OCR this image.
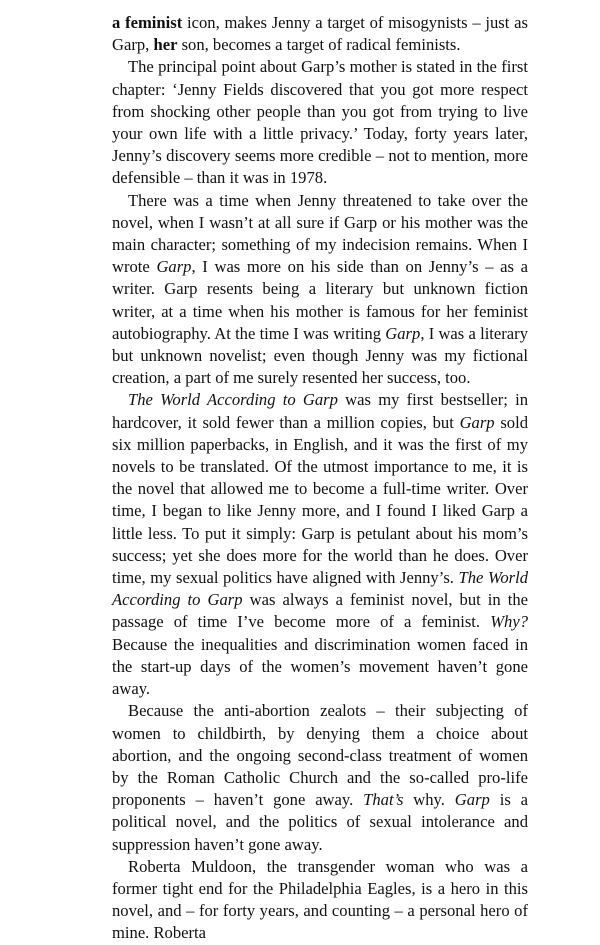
a feminist icon, makes Jenny a target of misogynists – just as Garp, her son, becomes a target of radical feminists.

The principal point about Garp’s mother is stated in the first chapter: ‘Jenny Fields discovered that you got more respect from shocking other people than you got from trying to live your own life with a little privacy.’ Today, forty years later, Jenny’s discovery seems more credible – not to mention, more defensible – than it was in 1978.

There was a time when Jenny threatened to take over the novel, when I wasn’t at all sure if Garp or his mother was the main character; something of my indecision remains. When I wrote Garp, I was more on his side than on Jenny’s – as a writer. Garp resents being a literary but unknown fiction writer, at a time when his mother is famous for her feminist autobiography. At the time I was writing Garp, I was a literary but unknown novelist; even though Jenny was my fictional creation, a part of me surely resented her success, too.

The World According to Garp was my first bestseller; in hardcover, it sold fewer than a million copies, but Garp sold six million paperbacks, in English, and it was the first of my novels to be translated. Of the utmost importance to me, it is the novel that allowed me to become a full-time writer. Over time, I began to like Jenny more, and I found I liked Garp a little less. To put it simply: Garp is petulant about his mom’s success; yet she does more for the world than he does. Over time, my sexual politics have aligned with Jenny’s. The World According to Garp was always a feminist novel, but in the passage of time I’ve become more of a feminist. Why? Because the inequalities and discrimination women faced in the start-up days of the women’s movement haven’t gone away.

Because the anti-abortion zealots – their subjecting of women to childbirth, by denying them a choice about abortion, and the ongoing second-class treatment of women by the Roman Catholic Church and the so-called pro-life proponents – haven’t gone away. That’s why. Garp is a political novel, and the politics of sexual intolerance and suppression haven’t gone away.

Roberta Muldoon, the transgender woman who was a former tight end for the Philadelphia Eagles, is a hero in this novel, and – for forty years, and counting – a personal hero of mine. Roberta
